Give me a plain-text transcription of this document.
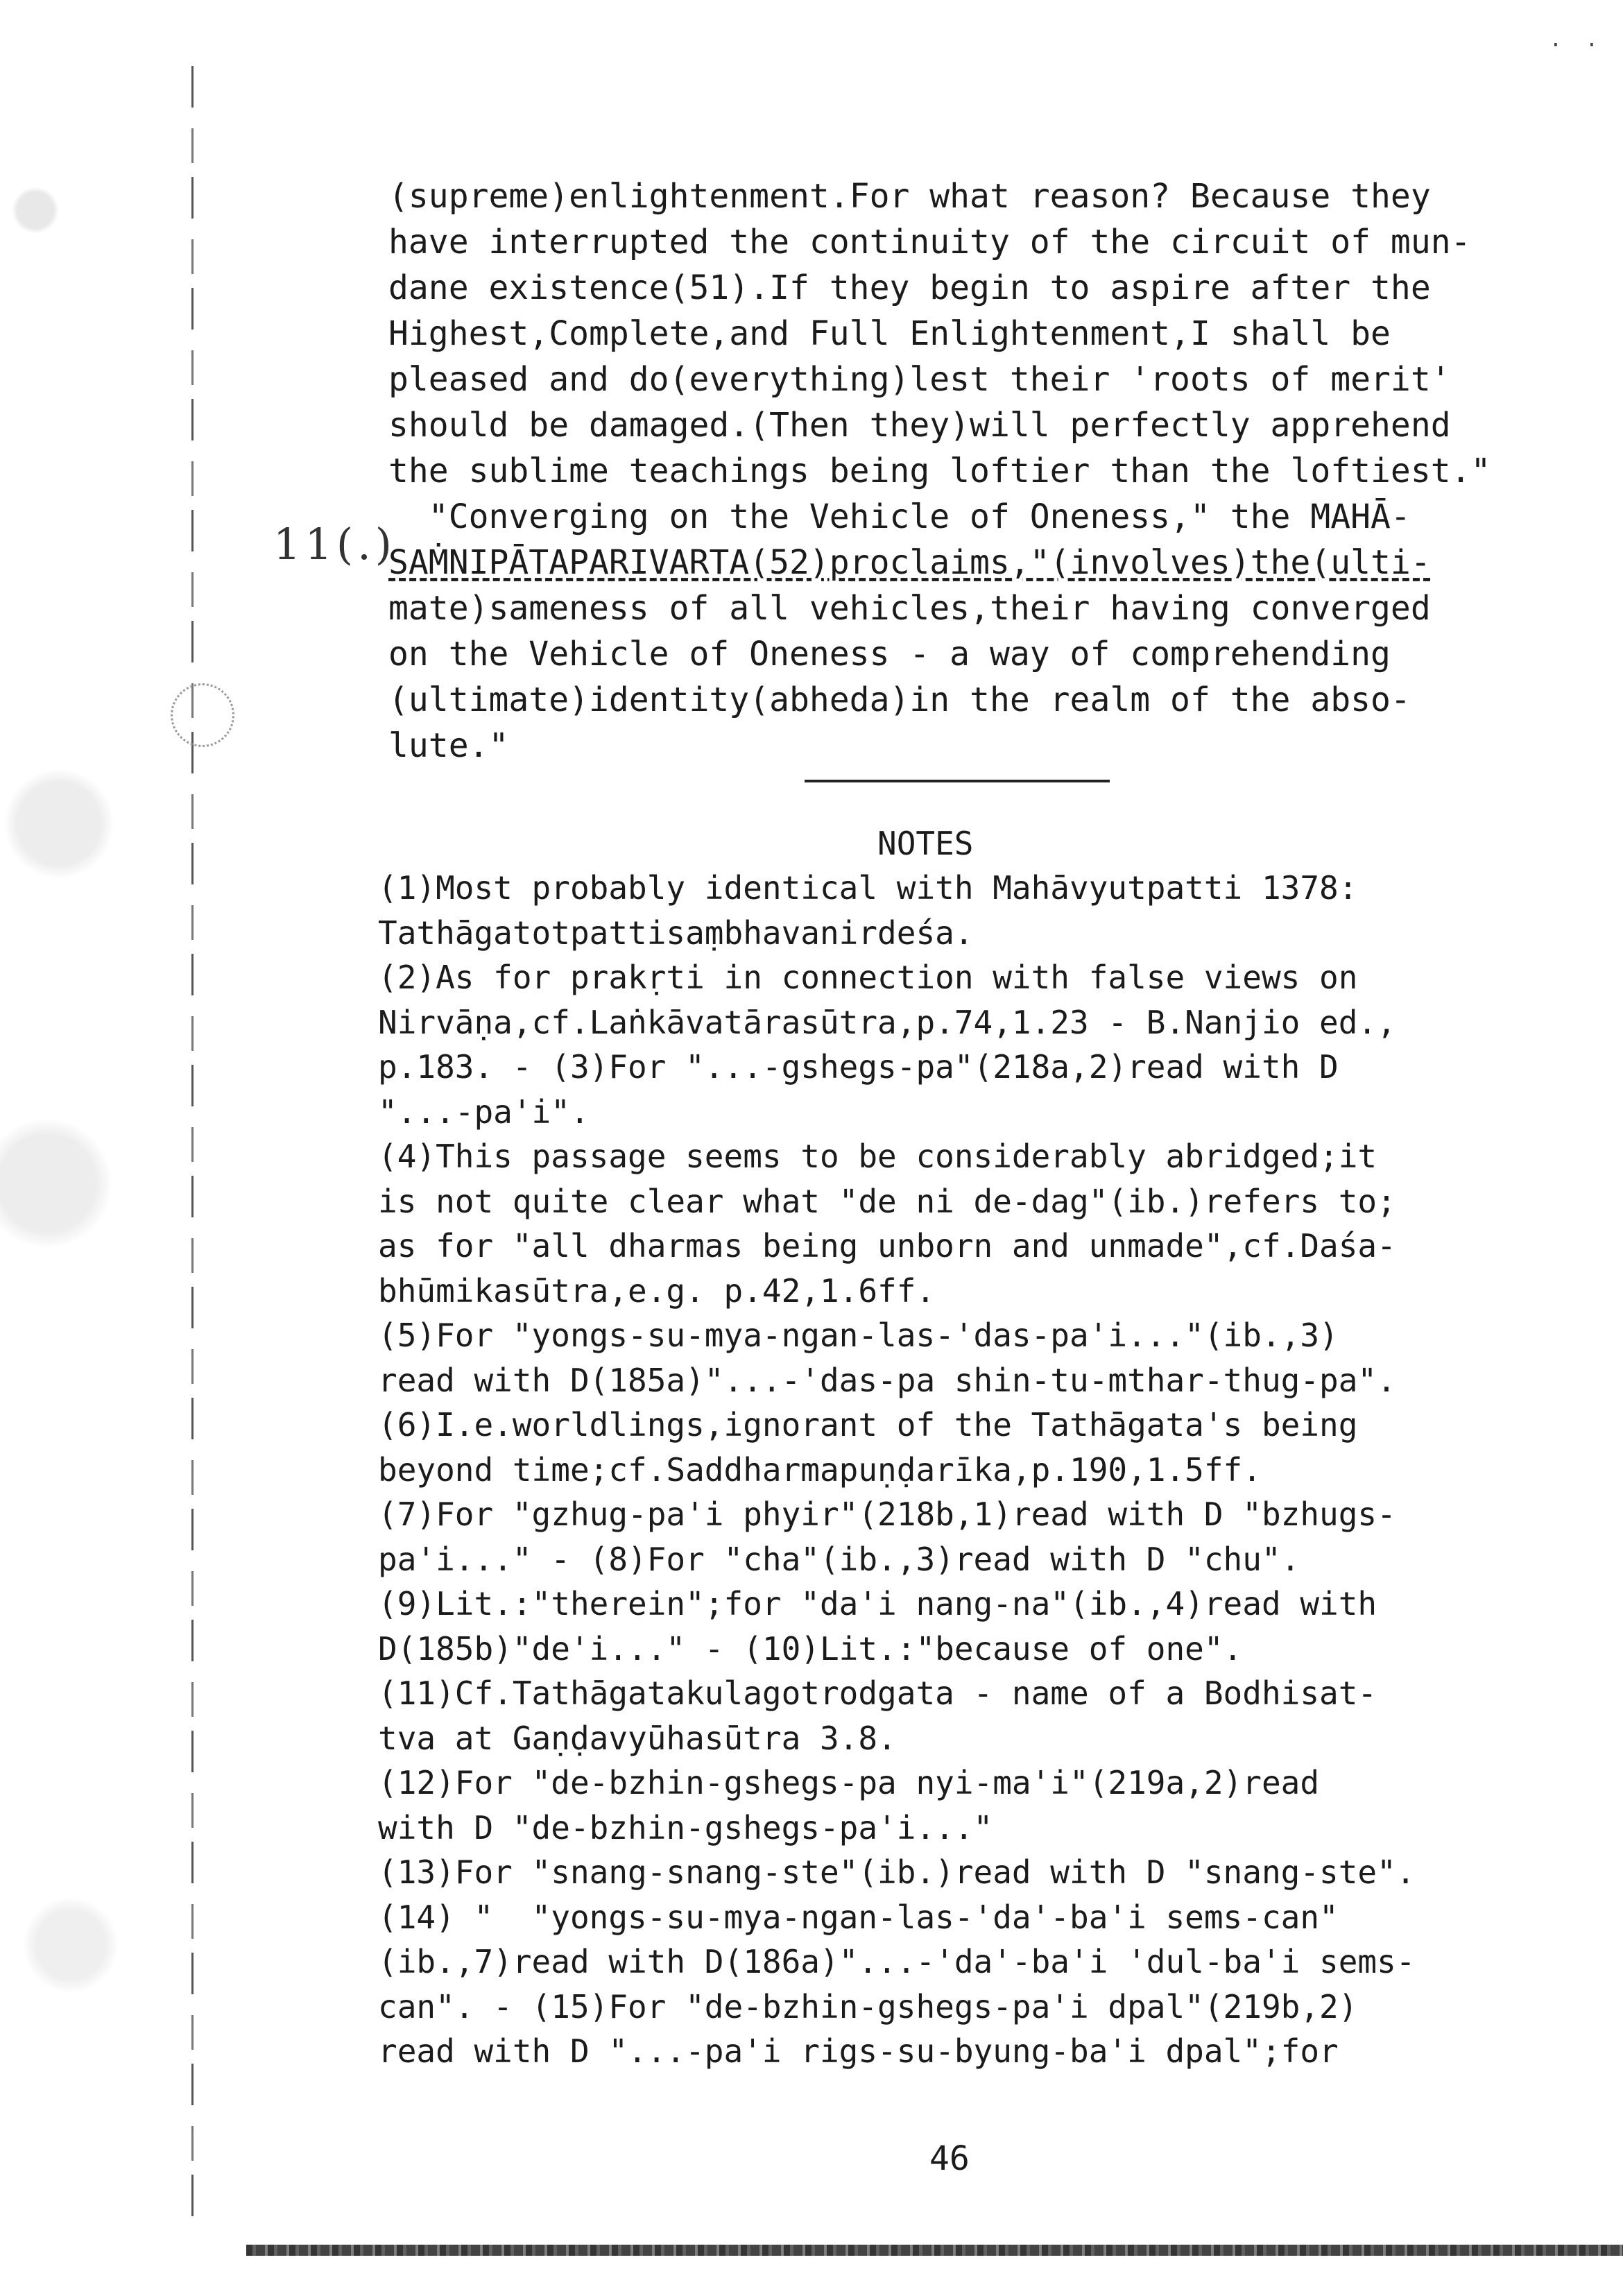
· ·
11(.)
(supreme)enlightenment.For what reason? Because they
have interrupted the continuity of the circuit of mun-
dane existence(51).If they begin to aspire after the
Highest,Complete,and Full Enlightenment,I shall be
pleased and do(everything)lest their 'roots of merit'
should be damaged.(Then they)will perfectly apprehend
the sublime teachings being loftier than the loftiest."
"Converging on the Vehicle of Oneness," the MAHĀ-
SAṀNIPĀTAPARIVARTA(52)proclaims,"(involves)the(ulti-
mate)sameness of all vehicles,their having converged
on the Vehicle of Oneness - a way of comprehending
(ultimate)identity(abheda)in the realm of the abso-
lute."
NOTES
(1)Most probably identical with Mahāvyutpatti 1378:
Tathāgatotpattisaṃbhavanirdeśa.
(2)As for prakṛti in connection with false views on
Nirvāṇa,cf.Laṅkāvatārasūtra,p.74,1.23 - B.Nanjio ed.,
p.183. - (3)For "...-gshegs-pa"(218a,2)read with D
"...-pa'i".
(4)This passage seems to be considerably abridged;it
is not quite clear what "de ni de-dag"(ib.)refers to;
as for "all dharmas being unborn and unmade",cf.Daśa-
bhūmikasūtra,e.g. p.42,1.6ff.
(5)For "yongs-su-mya-ngan-las-'das-pa'i..."(ib.,3)
read with D(185a)"...-'das-pa shin-tu-mthar-thug-pa".
(6)I.e.worldlings,ignorant of the Tathāgata's being
beyond time;cf.Saddharmapuṇḍarīka,p.190,1.5ff.
(7)For "gzhug-pa'i phyir"(218b,1)read with D "bzhugs-
pa'i..." - (8)For "cha"(ib.,3)read with D "chu".
(9)Lit.:"therein";for "da'i nang-na"(ib.,4)read with
D(185b)"de'i..." - (10)Lit.:"because of one".
(11)Cf.Tathāgatakulagotrodgata - name of a Bodhisat-
tva at Gaṇḍavyūhasūtra 3.8.
(12)For "de-bzhin-gshegs-pa nyi-ma'i"(219a,2)read
with D "de-bzhin-gshegs-pa'i..."
(13)For "snang-snang-ste"(ib.)read with D "snang-ste".
(14) "  "yongs-su-mya-ngan-las-'da'-ba'i sems-can"
(ib.,7)read with D(186a)"...-'da'-ba'i 'dul-ba'i sems-
can". - (15)For "de-bzhin-gshegs-pa'i dpal"(219b,2)
read with D "...-pa'i rigs-su-byung-ba'i dpal";for
46
